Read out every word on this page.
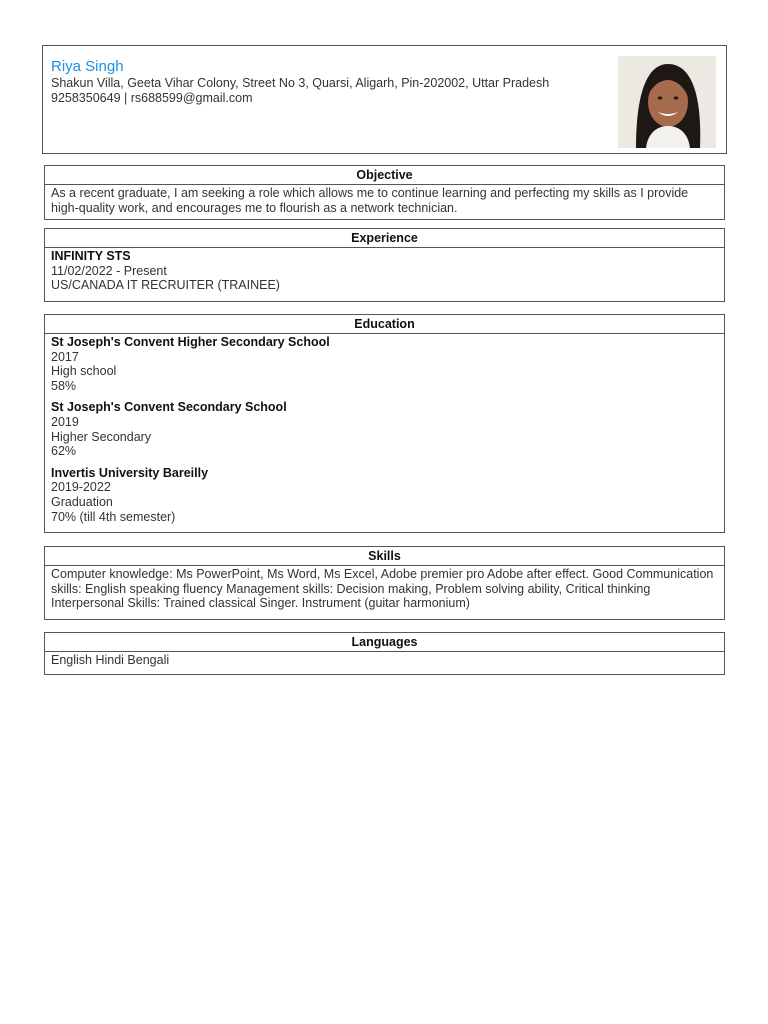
Riya Singh
Shakun Villa, Geeta Vihar Colony, Street No 3, Quarsi, Aligarh, Pin-202002, Uttar Pradesh
9258350649 | rs688599@gmail.com
Objective
As a recent graduate, I am seeking a role which allows me to continue learning and perfecting my skills as I provide high-quality work, and encourages me to flourish as a network technician.
Experience
INFINITY STS
11/02/2022 - Present
US/CANADA IT RECRUITER (TRAINEE)
Education
St Joseph's Convent Higher Secondary School
2017
High school
58%
St Joseph's Convent Secondary School
2019
Higher Secondary
62%
Invertis University Bareilly
2019-2022
Graduation
70% (till 4th semester)
Skills
Computer knowledge: Ms PowerPoint, Ms Word, Ms Excel, Adobe premier pro Adobe after effect. Good Communication skills: English speaking fluency Management skills: Decision making, Problem solving ability, Critical thinking Interpersonal Skills: Trained classical Singer. Instrument (guitar harmonium)
Languages
English Hindi Bengali
